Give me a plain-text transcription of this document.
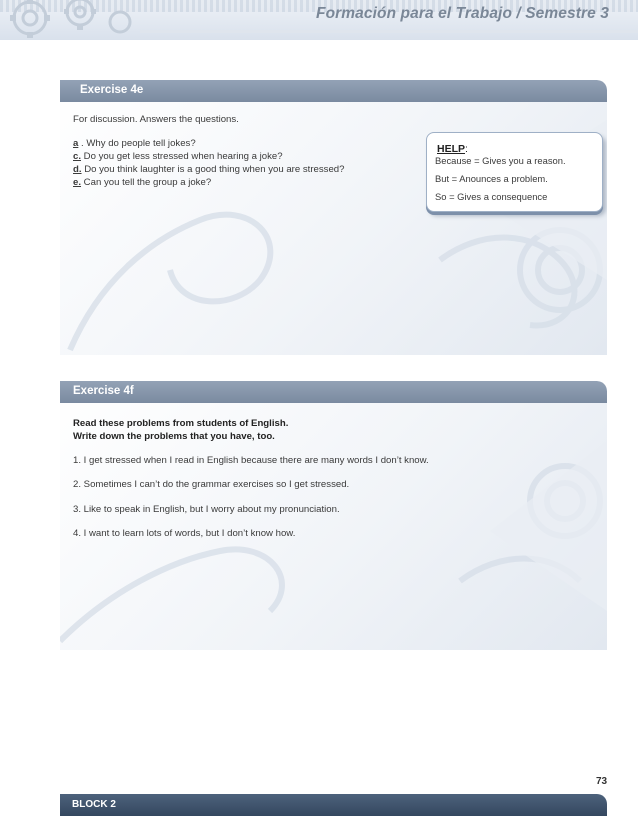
Formación para el Trabajo / Semestre 3
Exercise 4e
For discussion. Answers the questions.
a . Why do people tell jokes?
c. Do you get less stressed when hearing a joke?
d. Do you think laughter is a good thing when you are stressed?
e. Can you tell the group a joke?
HELP:
Because = Gives you a reason.
But = Anounces a problem.
So = Gives a consequence
Exercise 4f
Read these problems from students of English.
Write down the problems that you have, too.
1. I get stressed when I read in English because there are many words I don’t know.
2. Sometimes I can’t do the grammar exercises so I get stressed.
3. Like to speak in English, but I worry about my pronunciation.
4. I want to learn lots of words, but I don’t know how.
73
BLOCK 2
